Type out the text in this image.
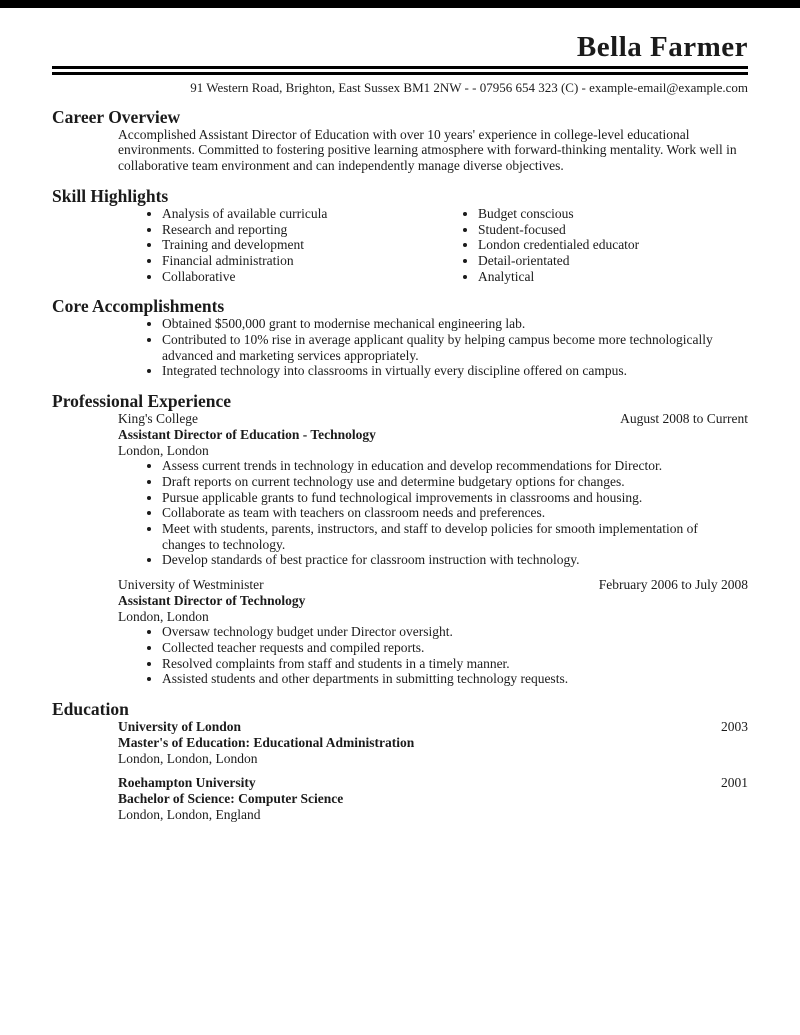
Bella Farmer
91 Western Road, Brighton, East Sussex BM1 2NW - - 07956 654 323 (C) - example-email@example.com
Career Overview

Accomplished Assistant Director of Education with over 10 years' experience in college-level educational environments. Committed to fostering positive learning atmosphere with forward-thinking mentality. Work well in collaborative team environment and can independently manage diverse objectives.

Skill Highlights
• Analysis of available curricula
• Research and reporting
• Training and development
• Financial administration
• Collaborative
• Budget conscious
• Student-focused
• London credentialed educator
• Detail-orientated
• Analytical
Core Accomplishments
• Obtained $500,000 grant to modernise mechanical engineering lab.
• Contributed to 10% rise in average applicant quality by helping campus become more technologically advanced and marketing services appropriately.
• Integrated technology into classrooms in virtually every discipline offered on campus.
Professional Experience
King's College	August 2008 to Current
Assistant Director of Education - Technology
London, London
• Assess current trends in technology in education and develop recommendations for Director.
• Draft reports on current technology use and determine budgetary options for changes.
• Pursue applicable grants to fund technological improvements in classrooms and housing.
• Collaborate as team with teachers on classroom needs and preferences.
• Meet with students, parents, instructors, and staff to develop policies for smooth implementation of changes to technology.
• Develop standards of best practice for classroom instruction with technology.
University of Westminister	February 2006 to July 2008
Assistant Director of Technology
London, London
• Oversaw technology budget under Director oversight.
• Collected teacher requests and compiled reports.
• Resolved complaints from staff and students in a timely manner.
• Assisted students and other departments in submitting technology requests.
Education
University of London	2003
Master's of Education: Educational Administration
London, London, London
Roehampton University	2001
Bachelor of Science: Computer Science
London, London, England
